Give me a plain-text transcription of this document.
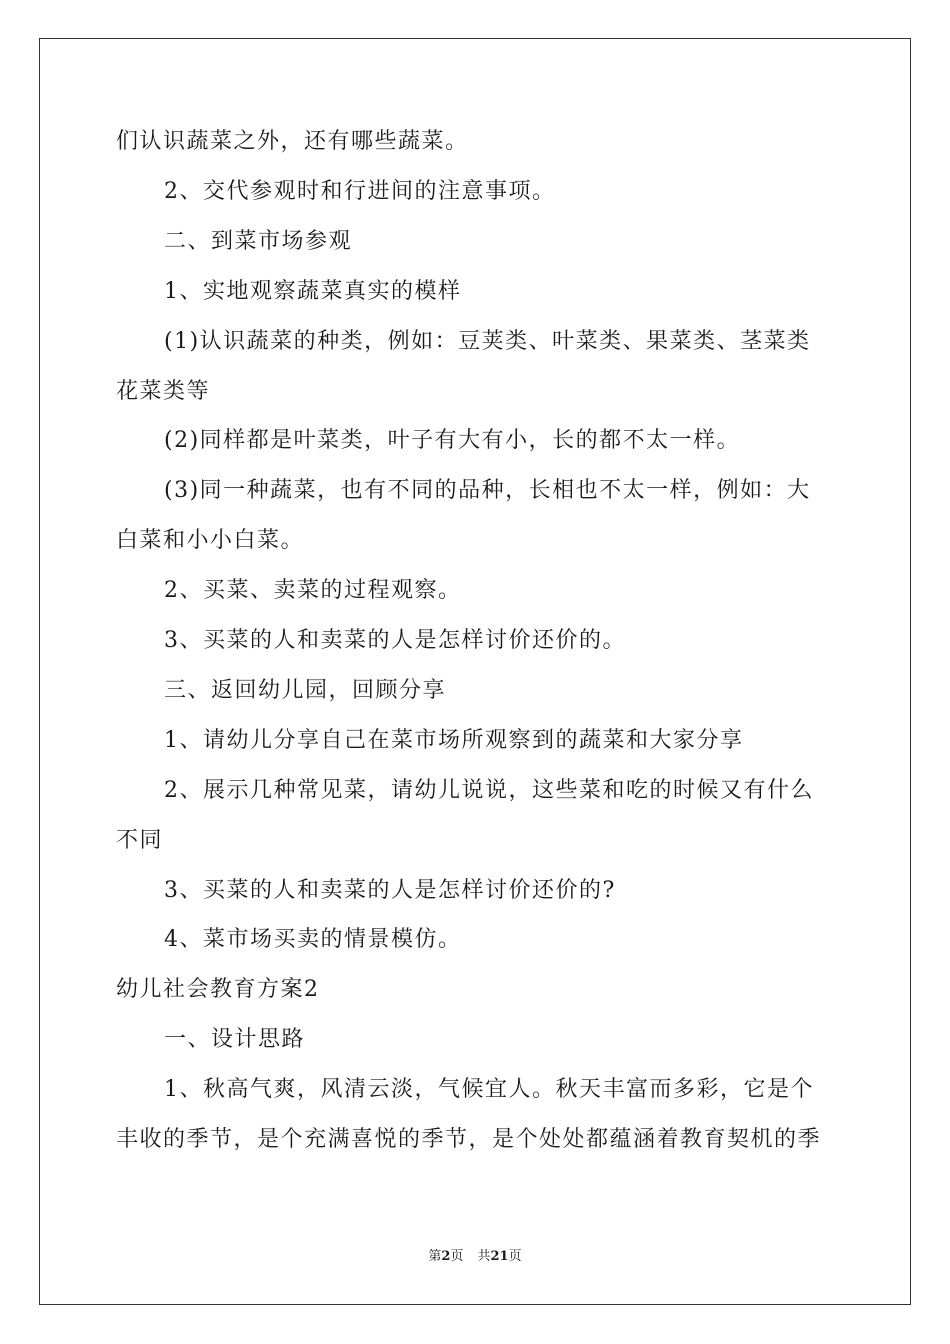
们认识蔬菜之外，还有哪些蔬菜。
2、交代参观时和行进间的注意事项。
二、到菜市场参观
1、实地观察蔬菜真实的模样
(1)认识蔬菜的种类，例如：豆荚类、叶菜类、果菜类、茎菜类
花菜类等
(2)同样都是叶菜类，叶子有大有小，长的都不太一样。
(3)同一种蔬菜，也有不同的品种，长相也不太一样，例如：大
白菜和小小白菜。
2、买菜、卖菜的过程观察。
3、买菜的人和卖菜的人是怎样讨价还价的。
三、返回幼儿园，回顾分享
1、请幼儿分享自己在菜市场所观察到的蔬菜和大家分享
2、展示几种常见菜，请幼儿说说，这些菜和吃的时候又有什么
不同
3、买菜的人和卖菜的人是怎样讨价还价的?
4、菜市场买卖的情景模仿。
幼儿社会教育方案2
一、设计思路
1、秋高气爽，风清云淡，气候宜人。秋天丰富而多彩，它是个
丰收的季节，是个充满喜悦的季节，是个处处都蕴涵着教育契机的季
第2页 共21页
